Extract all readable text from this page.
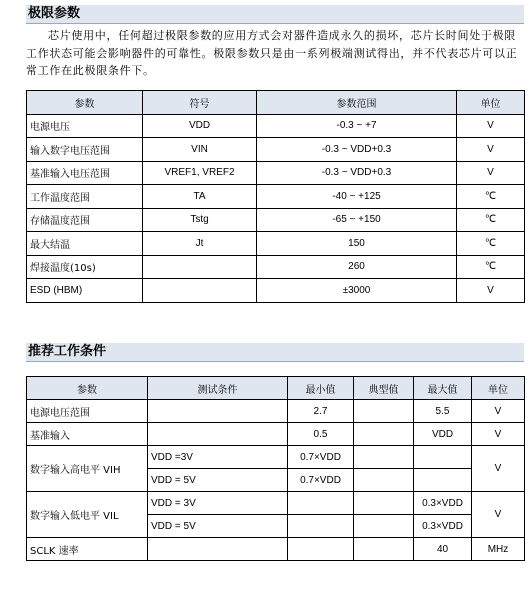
极限参数
芯片使用中，任何超过极限参数的应用方式会对器件造成永久的损坏，芯片长时间处于极限工作状态可能会影响器件的可靠性。极限参数只是由一系列极端测试得出，并不代表芯片可以正常工作在此极限条件下。
参数	符号	参数范围	单位
电源电压	VDD	-0.3 ~ +7	V
输入数字电压范围	VIN	-0.3 ~ VDD+0.3	V
基准输入电压范围	VREF1, VREF2	-0.3 ~ VDD+0.3	V
工作温度范围	TA	-40 ~ +125	℃
存储温度范围	Tstg	-65 ~ +150	℃
最大结温	Jt	150	℃
焊接温度(10s)		260	℃
ESD (HBM)		±3000	V
推荐工作条件
参数	测试条件	最小值	典型值	最大值	单位
电源电压范围		2.7		5.5	V
基准输入		0.5		VDD	V
数字输入高电平 VIH	VDD =3V	0.7×VDD			V
	VDD = 5V	0.7×VDD			
数字输入低电平 VIL	VDD = 3V			0.3×VDD	V
	VDD = 5V			0.3×VDD	
SCLK 速率				40	MHz
